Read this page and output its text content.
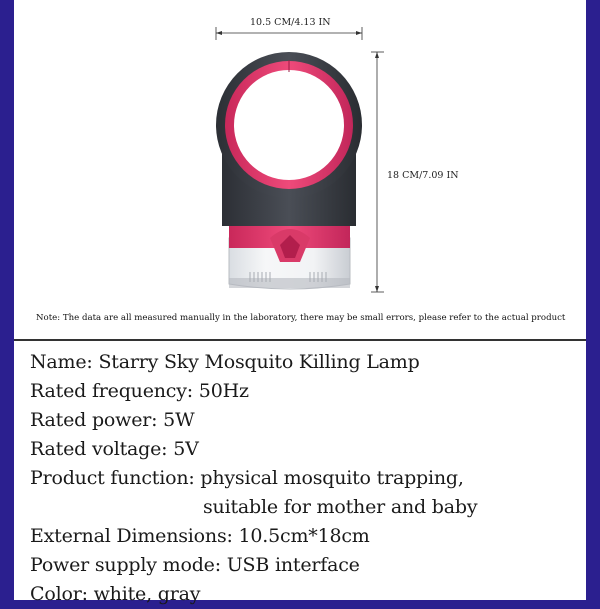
10.5 CM/4.13 IN
18 CM/7.09 IN
Note: The data are all measured manually in the laboratory, there may be small errors, please refer to the actual product
Name: Starry Sky Mosquito Killing Lamp
Rated frequency: 50Hz
Rated power: 5W
Rated voltage: 5V
Product function: physical mosquito trapping,
suitable for mother and baby
External Dimensions: 10.5cm*18cm
Power supply mode: USB interface
Color: white, gray
